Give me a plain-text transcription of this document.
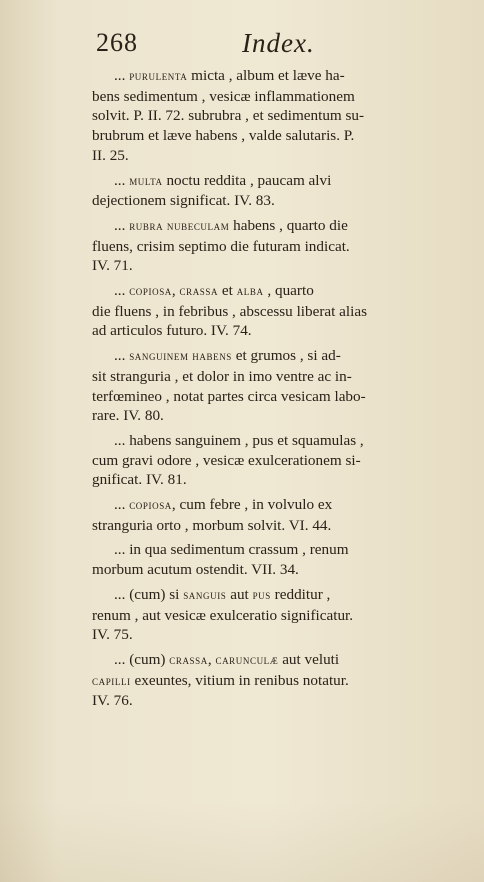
268	Index.

... purulenta micta , album et læve ha-
bens sedimentum , vesicæ inflammationem
solvit. P. II. 72. subrubra , et sedimentum su-
brubrum et læve habens , valde salutaris. P.
II. 25.

... multa noctu reddita , paucam alvi
dejectionem significat. IV. 83.

... rubra nubeculam habens , quarto die
fluens, crisim septimo die futuram indicat.
IV. 71.

... copiosa, crassa et alba , quarto
die fluens , in febribus , abscessu liberat alias
ad articulos futuro. IV. 74.

... sanguinem habens et grumos , si ad-
sit stranguria , et dolor in imo ventre ac in-
terfœmineo , notat partes circa vesicam labo-
rare. IV. 80.

... habens sanguinem , pus et squamulas ,
cum gravi odore , vesicæ exulcerationem si-
gnificat. IV. 81.

... copiosa, cum febre , in volvulo ex
stranguria orto , morbum solvit. VI. 44.

... in qua sedimentum crassum , renum
morbum acutum ostendit. VII. 34.

... (cum) si sanguis aut pus redditur ,
renum , aut vesicæ exulceratio significatur.
IV. 75.

... (cum) crassa, carunculæ aut veluti
capilli exeuntes, vitium in renibus notatur.
IV. 76.
